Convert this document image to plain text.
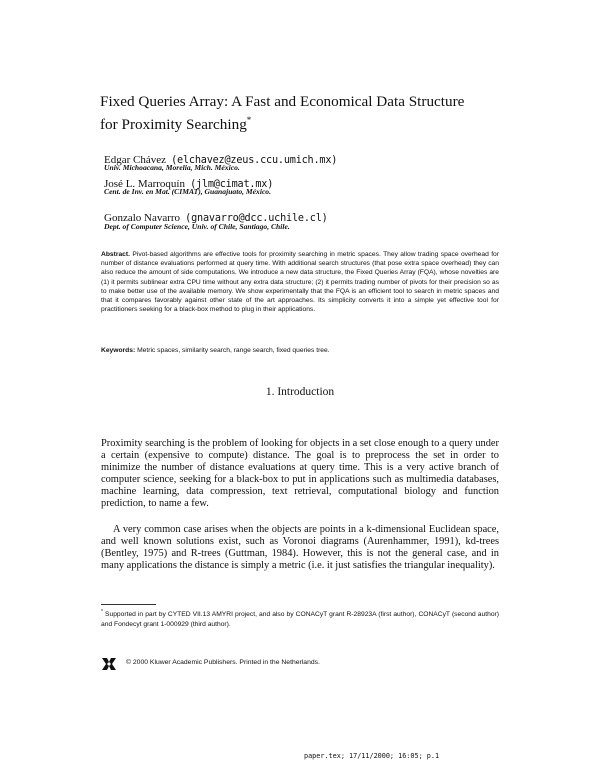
Fixed Queries Array: A Fast and Economical Data Structure
for Proximity Searching*
Edgar Chávez (elchavez@zeus.ccu.umich.mx)
Univ. Michoacana, Morelia, Mich. México.
José L. Marroquín (jlm@cimat.mx)
Cent. de Inv. en Mat. (CIMAT), Guanajuato, México.
Gonzalo Navarro (gnavarro@dcc.uchile.cl)
Dept. of Computer Science, Univ. of Chile, Santiago, Chile.
Abstract. Pivot-based algorithms are effective tools for proximity searching in metric spaces. They allow trading space overhead for number of distance evaluations performed at query time. With additional search structures (that pose extra space overhead) they can also reduce the amount of side computations. We introduce a new data structure, the Fixed Queries Array (FQA), whose novelties are (1) it permits sublinear extra CPU time without any extra data structure; (2) it permits trading number of pivots for their precision so as to make better use of the available memory. We show experimentally that the FQA is an efficient tool to search in metric spaces and that it compares favorably against other state of the art approaches. Its simplicity converts it into a simple yet effective tool for practitioners seeking for a black-box method to plug in their applications.
Keywords: Metric spaces, similarity search, range search, fixed queries tree.
1. Introduction

Proximity searching is the problem of looking for objects in a set close enough to a query under a certain (expensive to compute) distance. The goal is to preprocess the set in order to minimize the number of distance evaluations at query time. This is a very active branch of computer science, seeking for a black-box to put in applications such as multimedia databases, machine learning, data compression, text retrieval, computational biology and function prediction, to name a few.

A very common case arises when the objects are points in a k-dimensional Euclidean space, and well known solutions exist, such as Voronoi diagrams (Aurenhammer, 1991), kd-trees (Bentley, 1975) and R-trees (Guttman, 1984). However, this is not the general case, and in many applications the distance is simply a metric (i.e. it just satisfies the triangular inequality).

* Supported in part by CYTED VII.13 AMYRI project, and also by CONACyT grant R-28923A (first author), CONACyT (second author) and Fondecyt grant 1-000929 (third author).
© 2000 Kluwer Academic Publishers. Printed in the Netherlands.
paper.tex; 17/11/2000; 16:05; p.1
